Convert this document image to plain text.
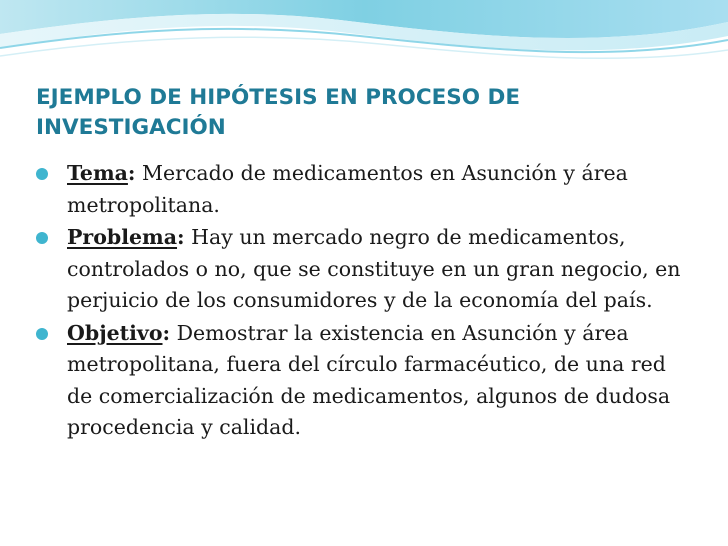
EJEMPLO DE HIPÓTESIS EN PROCESO DE INVESTIGACIÓN
Tema: Mercado de medicamentos en Asunción y área metropolitana.
Problema: Hay un mercado negro de medicamentos, controlados o no, que se constituye en un gran negocio, en perjuicio de los consumidores y de la economía del país.
Objetivo: Demostrar la existencia en Asunción y área metropolitana, fuera del círculo farmacéutico, de una red de comercialización de medicamentos, algunos de dudosa procedencia y calidad.
